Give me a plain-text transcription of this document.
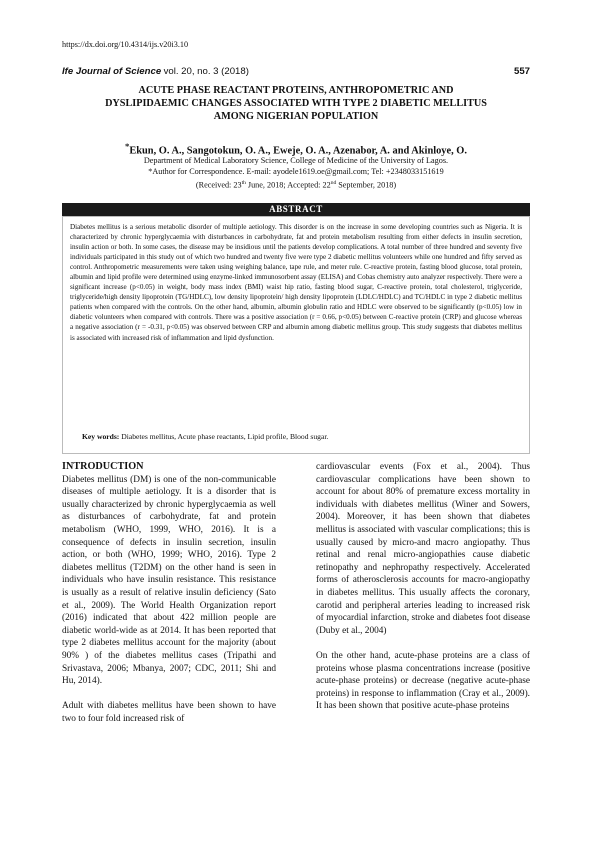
https://dx.doi.org/10.4314/ijs.v20i3.10
Ife Journal of Science vol. 20, no. 3 (2018)	557
ACUTE PHASE REACTANT PROTEINS, ANTHROPOMETRIC AND
DYSLIPIDAEMIC CHANGES ASSOCIATED WITH TYPE 2 DIABETIC MELLITUS
AMONG NIGERIAN POPULATION
*Ekun, O. A., Sangotokun, O. A., Eweje, O. A., Azenabor, A. and Akinloye, O.
Department of Medical Laboratory Science, College of Medicine of the University of Lagos.
*Author for Correspondence. E-mail: ayodele1619.oe@gmail.com; Tel: +2348033151619
(Received: 23th June, 2018; Accepted: 22nd September, 2018)
ABSTRACT
Diabetes mellitus is a serious metabolic disorder of multiple aetiology. This disorder is on the increase in some developing countries such as Nigeria. It is characterized by chronic hyperglycaemia with disturbances in carbohydrate, fat and protein metabolism resulting from either defects in insulin secretion, insulin action or both. In some cases, the disease may be insidious until the patients develop complications. A total number of three hundred and seventy five individuals participated in this study out of which two hundred and twenty five were type 2 diabetic mellitus volunteers while one hundred and fifty served as control. Anthropometric measurements were taken using weighing balance, tape rule, and meter rule. C-reactive protein, fasting blood glucose, total protein, albumin and lipid profile were determined using enzyme-linked immunosorbent assay (ELISA) and Cobas chemistry auto analyzer respectively. There were a significant increase (p<0.05) in weight, body mass index (BMI) waist hip ratio, fasting blood sugar, C-reactive protein, total cholesterol, triglyceride, triglyceride/high density lipoprotein (TG/HDLC), low density lipoprotein/ high density lipoprotein (LDLC/HDLC) and TC/HDLC in type 2 diabetic mellitus patients when compared with the controls. On the other hand, albumin, albumin globulin ratio and HDLC were observed to be significantly (p<0.05) low in diabetic volunteers when compared with controls. There was a positive association (r = 0.66, p<0.05) between C-reactive protein (CRP) and glucose whereas a negative association (r = -0.31, p<0.05) was observed between CRP and albumin among diabetic mellitus group. This study suggests that diabetes mellitus is associated with increased risk of inflammation and lipid dysfunction.
Key words: Diabetes mellitus, Acute phase reactants, Lipid profile, Blood sugar.
INTRODUCTION

Diabetes mellitus (DM) is one of the non-communicable diseases of multiple aetiology. It is a disorder that is usually characterized by chronic hyperglycaemia as well as disturbances of carbohydrate, fat and protein metabolism (WHO, 1999, WHO, 2016). It is a consequence of defects in insulin secretion, insulin action, or both (WHO, 1999; WHO, 2016). Type 2 diabetes mellitus (T2DM) on the other hand is seen in individuals who have insulin resistance. This resistance is usually as a result of relative insulin deficiency (Sato et al., 2009). The World Health Organization report (2016) indicated that about 422 million people are diabetic world-wide as at 2014. It has been reported that type 2 diabetes mellitus account for the majority (about 90% ) of the diabetes mellitus cases (Tripathi and Srivastava, 2006; Mbanya, 2007; CDC, 2011; Shi and Hu, 2014).

Adult with diabetes mellitus have been shown to have two to four fold increased risk of

cardiovascular events (Fox et al., 2004). Thus cardiovascular complications have been shown to account for about 80% of premature excess mortality in individuals with diabetes mellitus (Winer and Sowers, 2004). Moreover, it has been shown that diabetes mellitus is associated with vascular complications; this is usually caused by micro-and macro angiopathy. Thus retinal and renal micro-angiopathies cause diabetic retinopathy and nephropathy respectively. Accelerated forms of atherosclerosis accounts for macro-angiopathy in diabetes mellitus. This usually affects the coronary, carotid and peripheral arteries leading to increased risk of myocardial infarction, stroke and diabetes foot disease (Duby et al., 2004)

On the other hand, acute-phase proteins are a class of proteins whose plasma concentrations increase (positive acute-phase proteins) or decrease (negative acute-phase proteins) in response to inflammation (Cray et al., 2009). It has been shown that positive acute-phase proteins
